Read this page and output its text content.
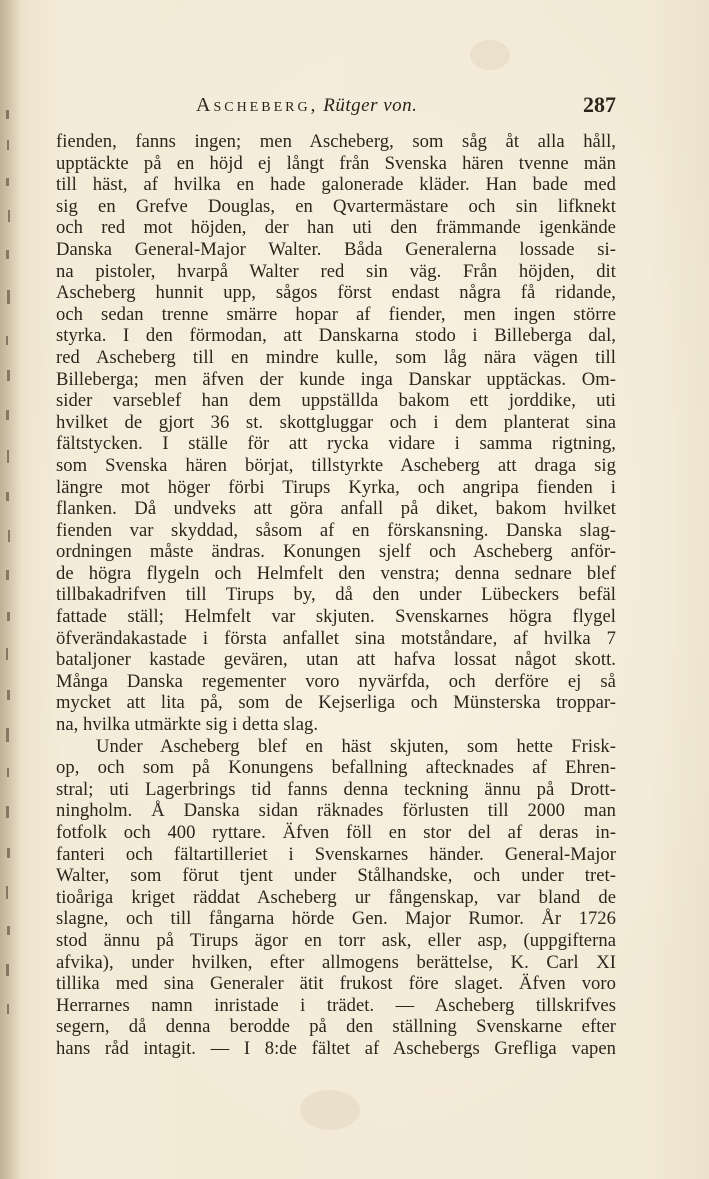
Ascheberg, Rütger von.	287
fienden, fanns ingen; men Ascheberg, som såg åt alla håll,
upptäckte på en höjd ej långt från Svenska hären tvenne män
till häst, af hvilka en hade galonerade kläder. Han bade med
sig en Grefve Douglas, en Qvartermästare och sin lifknekt
och red mot höjden, der han uti den främmande igenkände
Danska General-Major Walter. Båda Generalerna lossade si-
na pistoler, hvarpå Walter red sin väg. Från höjden, dit
Ascheberg hunnit upp, sågos först endast några få ridande,
och sedan trenne smärre hopar af fiender, men ingen större
styrka. I den förmodan, att Danskarna stodo i Billeberga dal,
red Ascheberg till en mindre kulle, som låg nära vägen till
Billeberga; men äfven der kunde inga Danskar upptäckas. Om-
sider varseblef han dem uppställda bakom ett jorddike, uti
hvilket de gjort 36 st. skottgluggar och i dem planterat sina
fältstycken. I ställe för att rycka vidare i samma rigtning,
som Svenska hären börjat, tillstyrkte Ascheberg att draga sig
längre mot höger förbi Tirups Kyrka, och angripa fienden i
flanken. Då undveks att göra anfall på diket, bakom hvilket
fienden var skyddad, såsom af en förskansning. Danska slag-
ordningen måste ändras. Konungen sjelf och Ascheberg anför-
de högra flygeln och Helmfelt den venstra; denna sednare blef
tillbakadrifven till Tirups by, då den under Lübeckers befäl
fattade ställ; Helmfelt var skjuten. Svenskarnes högra flygel
öfverändakastade i första anfallet sina motståndare, af hvilka 7
bataljoner kastade gevären, utan att hafva lossat något skott.
Många Danska regementer voro nyvärfda, och derföre ej så
mycket att lita på, som de Kejserliga och Münsterska troppar-
na, hvilka utmärkte sig i detta slag.
Under Ascheberg blef en häst skjuten, som hette Frisk-
op, och som på Konungens befallning aftecknades af Ehren-
stral; uti Lagerbrings tid fanns denna teckning ännu på Drott-
ningholm. Å Danska sidan räknades förlusten till 2000 man
fotfolk och 400 ryttare. Äfven föll en stor del af deras in-
fanteri och fältartilleriet i Svenskarnes händer. General-Major
Walter, som förut tjent under Stålhandske, och under tret-
tioåriga kriget räddat Ascheberg ur fångenskap, var bland de
slagne, och till fångarna hörde Gen. Major Rumor. År 1726
stod ännu på Tirups ägor en torr ask, eller asp, (uppgifterna
afvika), under hvilken, efter allmogens berättelse, K. Carl XI
tillika med sina Generaler ätit frukost före slaget. Äfven voro
Herrarnes namn inristade i trädet. — Ascheberg tillskrifves
segern, då denna berodde på den ställning Svenskarne efter
hans råd intagit. — I 8:de fältet af Aschebergs Grefliga vapen
